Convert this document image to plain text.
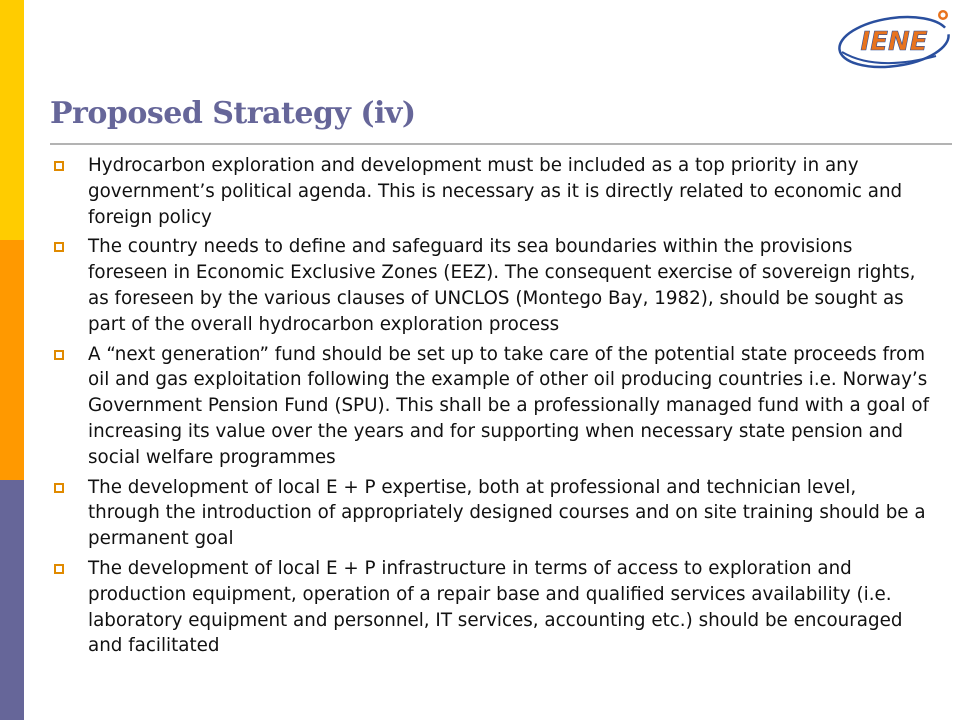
IENE
Proposed Strategy (iv)
Hydrocarbon exploration and development must be included as a top priority in any government’s political agenda. This is necessary as it is directly related to economic and foreign policy
The country needs to define and safeguard its sea boundaries within the provisions foreseen in Economic Exclusive Zones (EEZ). The consequent exercise of sovereign rights, as foreseen by the various clauses of UNCLOS (Montego Bay, 1982), should be sought as part of the overall hydrocarbon exploration process
A “next generation” fund should be set up to take care of the potential state proceeds from oil and gas exploitation following the example of other oil producing countries i.e. Norway’s Government Pension Fund (SPU). This shall be a professionally managed fund with a goal of increasing its value over the years and for supporting when necessary state pension and social welfare programmes
The development of local E + P expertise, both at professional and technician level, through the introduction of appropriately designed courses and on site training should be a permanent goal
The development of local E + P infrastructure in terms of access to exploration and production equipment, operation of a repair base and qualified services availability (i.e. laboratory equipment and personnel, IT services, accounting etc.) should be encouraged and facilitated
